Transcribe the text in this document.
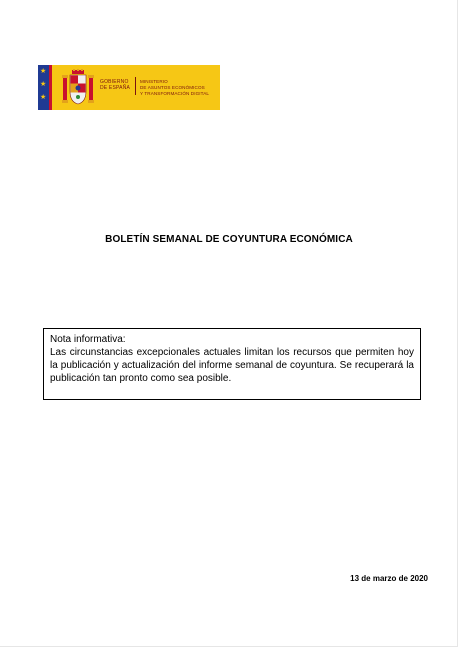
★
★
★
GOBIERNO
DE ESPAÑA
MINISTERIO
DE ASUNTOS ECONÓMICOS
Y TRANSFORMACIÓN DIGITAL
BOLETÍN SEMANAL DE COYUNTURA ECONÓMICA
Nota informativa:
Las circunstancias excepcionales actuales limitan los recursos que permiten hoy la publicación y actualización del informe semanal de coyuntura. Se recuperará la publicación tan pronto como sea posible.
13 de marzo de 2020
